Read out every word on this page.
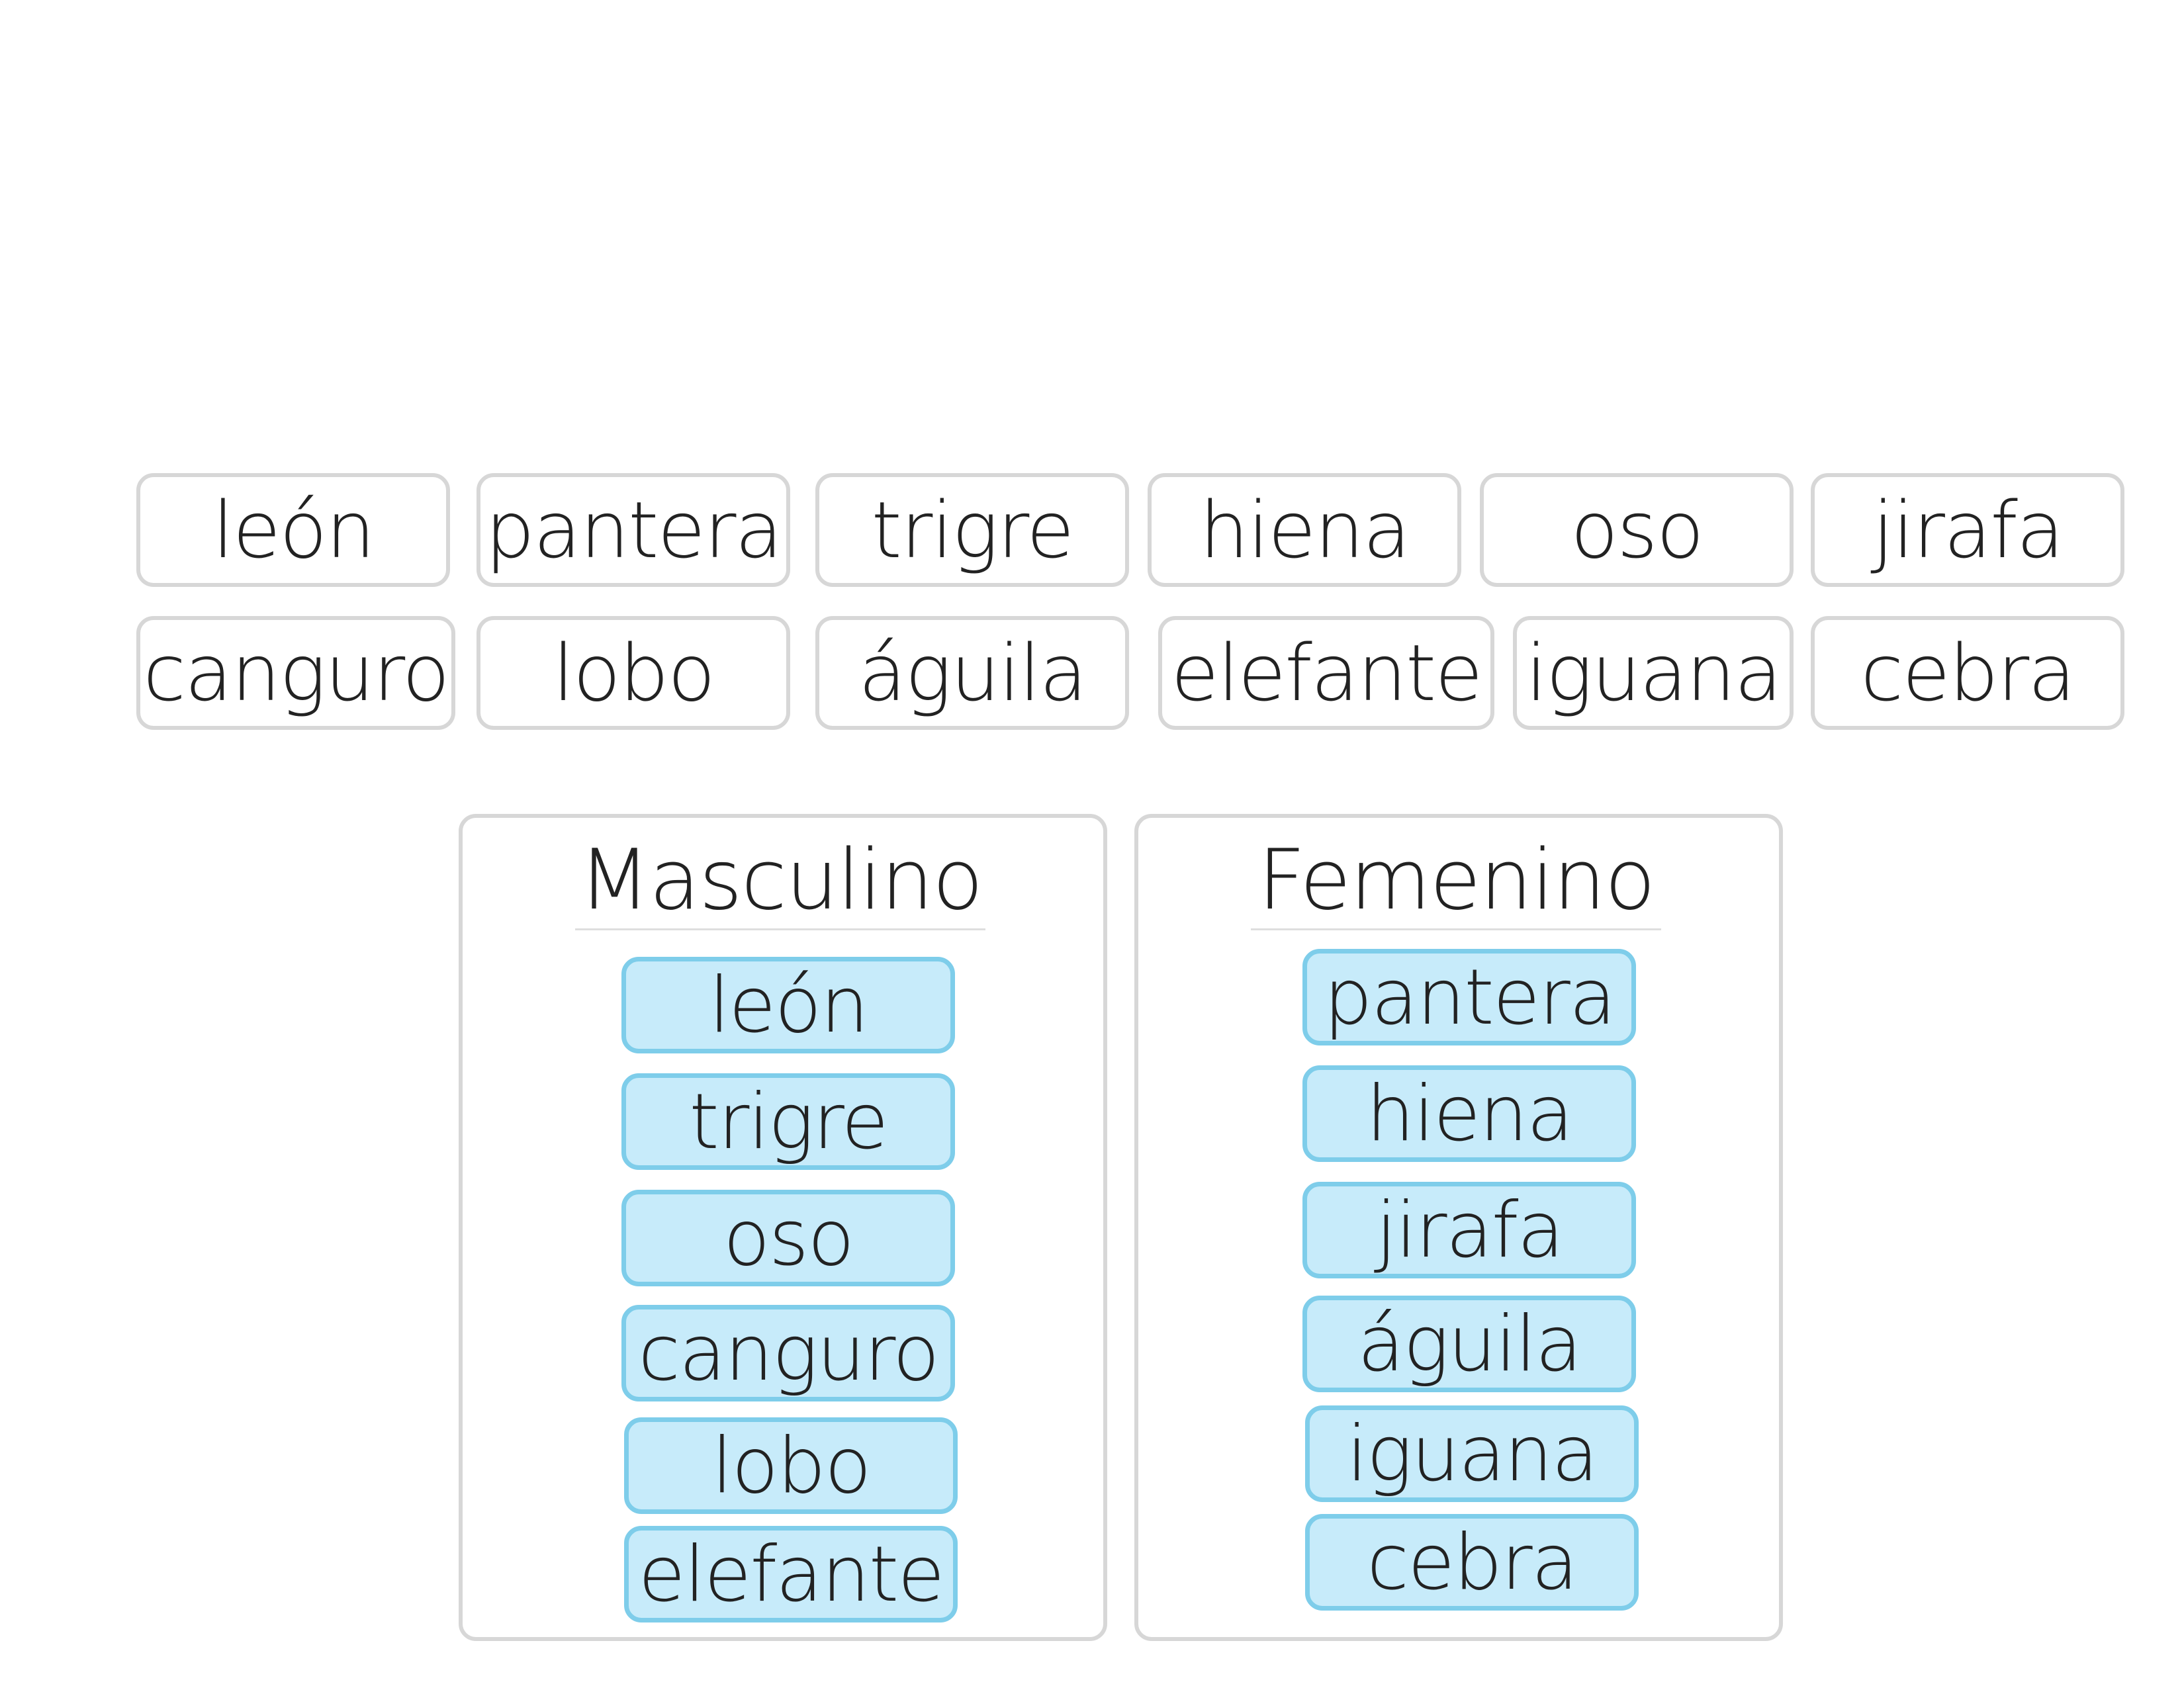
león	pantera	trigre	hiena	oso	jirafa
canguro	lobo	águila	elefante iguana	cebra
Masculino
león
trigre
oso
canguro
lobo
elefante
Femenino
pantera
hiena
jirafa
águila
iguana
cebra
